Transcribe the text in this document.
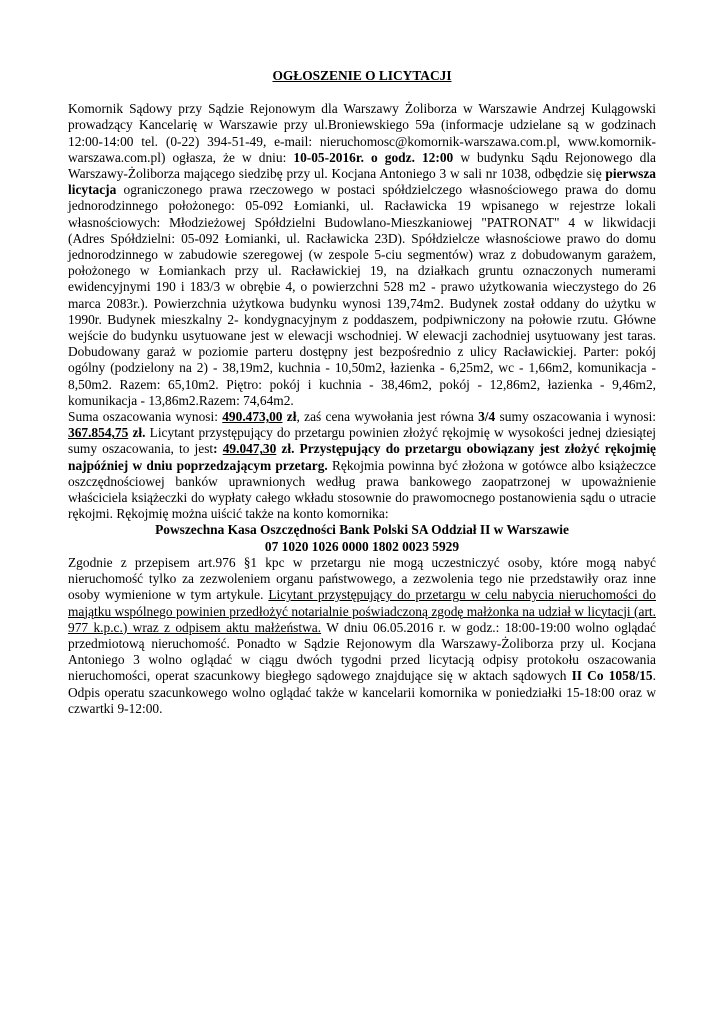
OGŁOSZENIE O LICYTACJI

Komornik Sądowy przy Sądzie Rejonowym dla Warszawy Żoliborza w Warszawie Andrzej Kulągowski prowadzący Kancelarię w Warszawie przy ul.Broniewskiego 59a (informacje udzielane są w godzinach 12:00-14:00 tel. (0-22) 394-51-49, e-mail: nieruchomosc@komornik-warszawa.com.pl, www.komornik-warszawa.com.pl) ogłasza, że w dniu: 10-05-2016r. o godz. 12:00 w budynku Sądu Rejonowego dla Warszawy-Żoliborza mającego siedzibę przy ul. Kocjana Antoniego 3 w sali nr 1038, odbędzie się pierwsza licytacja ograniczonego prawa rzeczowego w postaci spółdzielczego własnościowego prawa do domu jednorodzinnego położonego: 05-092 Łomianki, ul. Racławicka 19 wpisanego w rejestrze lokali własnościowych: Młodzieżowej Spółdzielni Budowlano-Mieszkaniowej "PATRONAT" 4 w likwidacji (Adres Spółdzielni: 05-092 Łomianki, ul. Racławicka 23D). Spółdzielcze własnościowe prawo do domu jednorodzinnego w zabudowie szeregowej (w zespole 5-ciu segmentów) wraz z dobudowanym garażem, położonego w Łomiankach przy ul. Racławickiej 19, na działkach gruntu oznaczonych numerami ewidencyjnymi 190 i 183/3 w obrębie 4, o powierzchni 528 m2 - prawo użytkowania wieczystego do 26 marca 2083r.). Powierzchnia użytkowa budynku wynosi 139,74m2. Budynek został oddany do użytku w 1990r. Budynek mieszkalny 2- kondygnacyjnym z poddaszem, podpiwniczony na połowie rzutu. Główne wejście do budynku usytuowane jest w elewacji wschodniej. W elewacji zachodniej usytuowany jest taras. Dobudowany garaż w poziomie parteru dostępny jest bezpośrednio z ulicy Racławickiej. Parter: pokój ogólny (podzielony na 2) - 38,19m2, kuchnia - 10,50m2, łazienka - 6,25m2, wc - 1,66m2, komunikacja - 8,50m2. Razem: 65,10m2. Piętro: pokój i kuchnia - 38,46m2, pokój - 12,86m2, łazienka - 9,46m2, komunikacja - 13,86m2.Razem: 74,64m2.

Suma oszacowania wynosi: 490.473,00 zł, zaś cena wywołania jest równa 3/4 sumy oszacowania i wynosi: 367.854,75 zł. Licytant przystępujący do przetargu powinien złożyć rękojmię w wysokości jednej dziesiątej sumy oszacowania, to jest: 49.047,30 zł. Przystępujący do przetargu obowiązany jest złożyć rękojmię najpóźniej w dniu poprzedzającym przetarg. Rękojmia powinna być złożona w gotówce albo książeczce oszczędnościowej banków uprawnionych według prawa bankowego zaopatrzonej w upoważnienie właściciela książeczki do wypłaty całego wkładu stosownie do prawomocnego postanowienia sądu o utracie rękojmi. Rękojmię można uiścić także na konto komornika:

Powszechna Kasa Oszczędności Bank Polski SA Oddział II w Warszawie
07 1020 1026 0000 1802 0023 5929

Zgodnie z przepisem art.976 §1 kpc w przetargu nie mogą uczestniczyć osoby, które mogą nabyć nieruchomość tylko za zezwoleniem organu państwowego, a zezwolenia tego nie przedstawiły oraz inne osoby wymienione w tym artykule. Licytant przystępujący do przetargu w celu nabycia nieruchomości do majątku wspólnego powinien przedłożyć notarialnie poświadczoną zgodę małżonka na udział w licytacji (art. 977 k.p.c.) wraz z odpisem aktu małżeństwa. W dniu 06.05.2016 r. w godz.: 18:00-19:00 wolno oglądać przedmiotową nieruchomość. Ponadto w Sądzie Rejonowym dla Warszawy-Żoliborza przy ul. Kocjana Antoniego 3 wolno oglądać w ciągu dwóch tygodni przed licytacją odpisy protokołu oszacowania nieruchomości, operat szacunkowy biegłego sądowego znajdujące się w aktach sądowych II Co 1058/15. Odpis operatu szacunkowego wolno oglądać także w kancelarii komornika w poniedziałki 15-18:00 oraz w czwartki 9-12:00.
